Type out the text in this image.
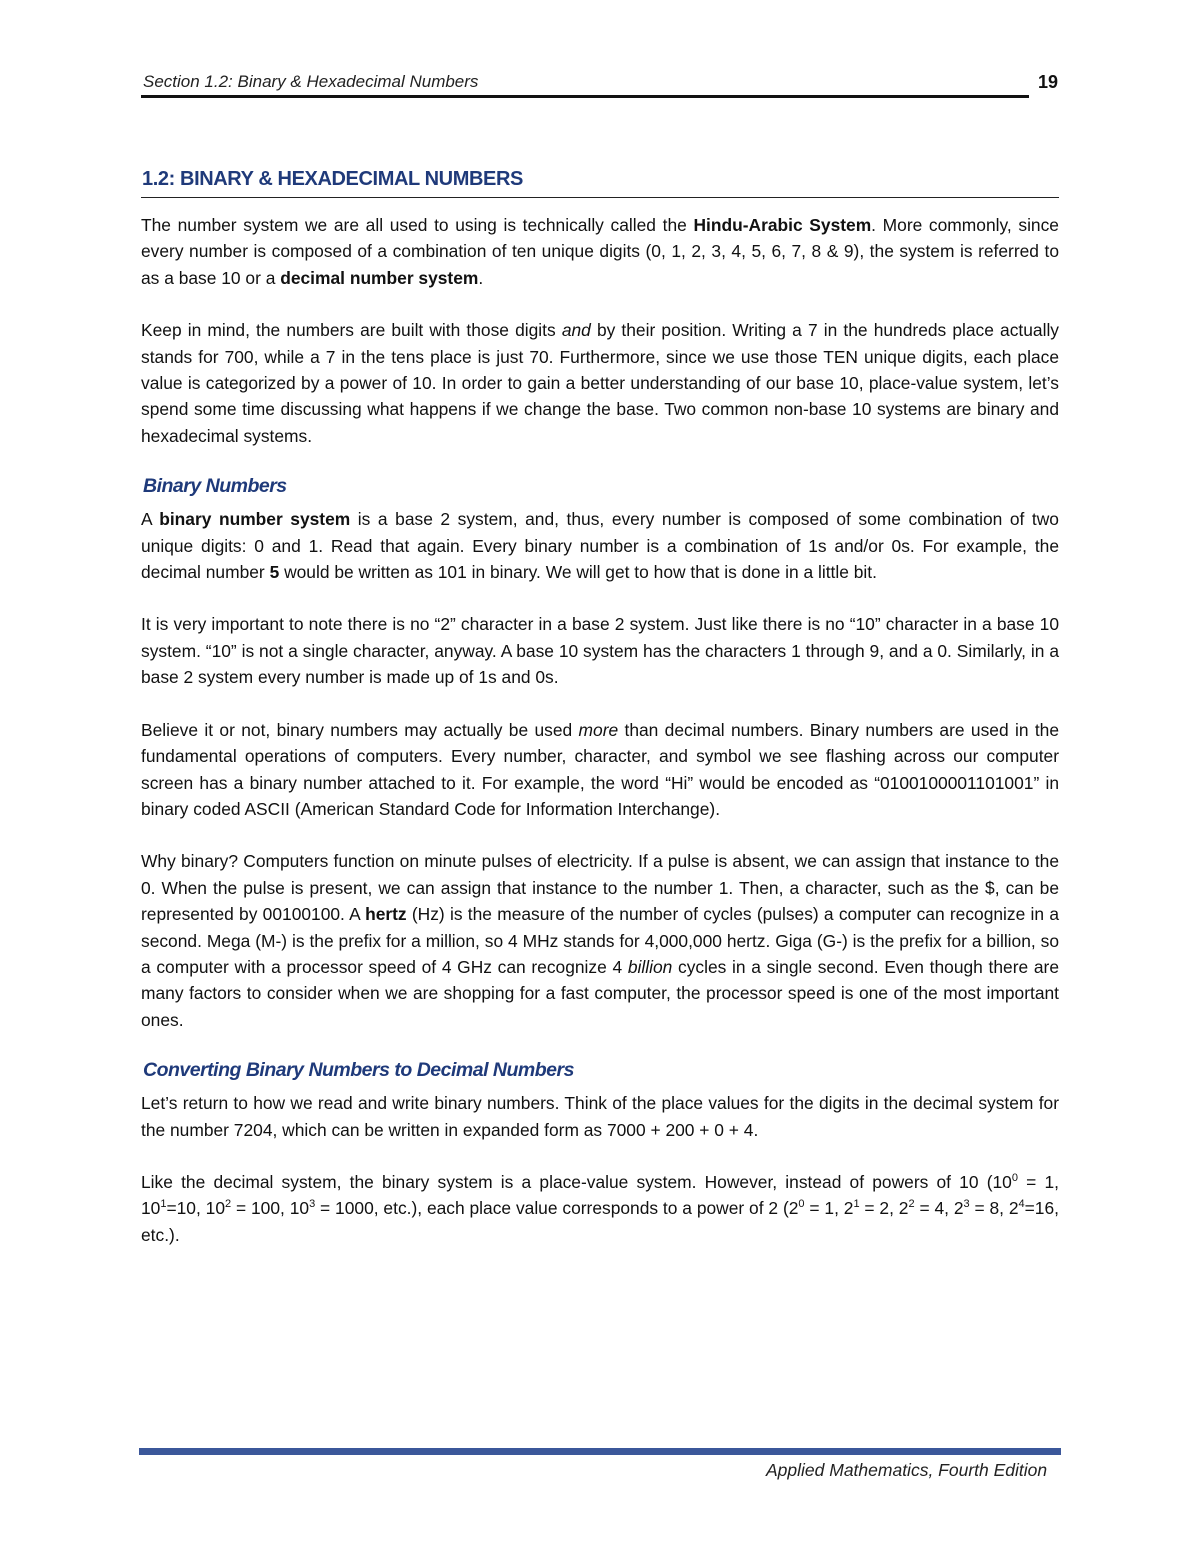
Section 1.2: Binary & Hexadecimal Numbers	19
1.2: BINARY & HEXADECIMAL NUMBERS

The number system we are all used to using is technically called the Hindu-Arabic System. More commonly, since every number is composed of a combination of ten unique digits (0, 1, 2, 3, 4, 5, 6, 7, 8 & 9), the system is referred to as a base 10 or a decimal number system.

Keep in mind, the numbers are built with those digits and by their position. Writing a 7 in the hundreds place actually stands for 700, while a 7 in the tens place is just 70. Furthermore, since we use those TEN unique digits, each place value is categorized by a power of 10. In order to gain a better understanding of our base 10, place-value system, let’s spend some time discussing what happens if we change the base. Two common non-base 10 systems are binary and hexadecimal systems.

Binary Numbers

A binary number system is a base 2 system, and, thus, every number is composed of some combination of two unique digits: 0 and 1. Read that again. Every binary number is a combination of 1s and/or 0s. For example, the decimal number 5 would be written as 101 in binary. We will get to how that is done in a little bit.

It is very important to note there is no “2” character in a base 2 system. Just like there is no “10” character in a base 10 system. “10” is not a single character, anyway. A base 10 system has the characters 1 through 9, and a 0. Similarly, in a base 2 system every number is made up of 1s and 0s.

Believe it or not, binary numbers may actually be used more than decimal numbers. Binary numbers are used in the fundamental operations of computers. Every number, character, and symbol we see flashing across our computer screen has a binary number attached to it. For example, the word “Hi” would be encoded as “0100100001101001” in binary coded ASCII (American Standard Code for Information Interchange).

Why binary? Computers function on minute pulses of electricity. If a pulse is absent, we can assign that instance to the 0. When the pulse is present, we can assign that instance to the number 1. Then, a character, such as the $, can be represented by 00100100. A hertz (Hz) is the measure of the number of cycles (pulses) a computer can recognize in a second. Mega (M-) is the prefix for a million, so 4 MHz stands for 4,000,000 hertz. Giga (G-) is the prefix for a billion, so a computer with a processor speed of 4 GHz can recognize 4 billion cycles in a single second. Even though there are many factors to consider when we are shopping for a fast computer, the processor speed is one of the most important ones.

Converting Binary Numbers to Decimal Numbers

Let’s return to how we read and write binary numbers. Think of the place values for the digits in the decimal system for the number 7204, which can be written in expanded form as 7000 + 200 + 0 + 4.

Like the decimal system, the binary system is a place-value system. However, instead of powers of 10 ($10^0 = 1$, $10^1=10$, $10^2 = 100$, $10^3 = 1000$, etc.), each place value corresponds to a power of 2 ($2^0 = 1$, $2^1 = 2$, $2^2 = 4$, $2^3 = 8$, $2^4=16$, etc.).

Applied Mathematics, Fourth Edition
